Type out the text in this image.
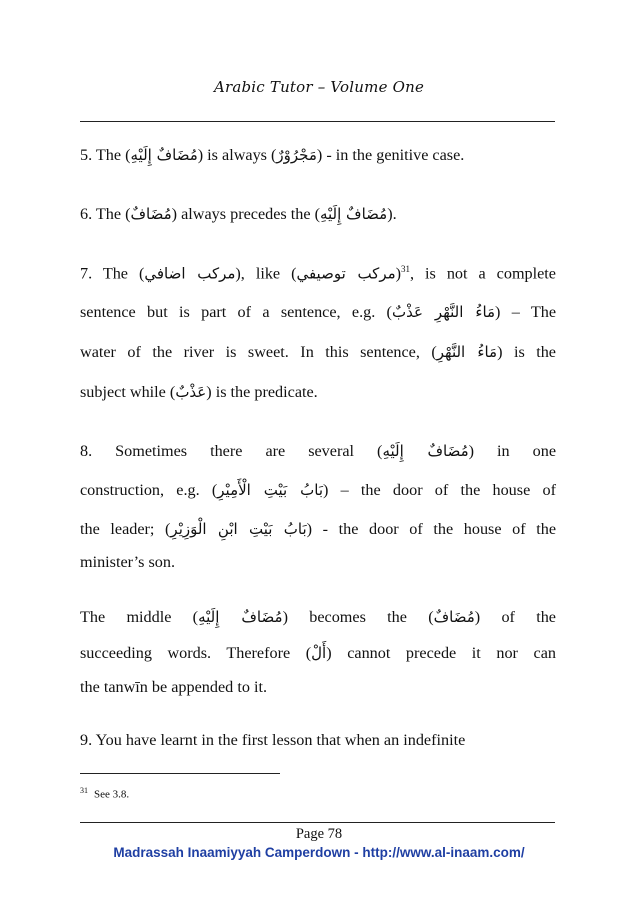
Arabic Tutor – Volume One
5. The (مُضَافٌ إِلَيْهِ) is always (مَجْرُوْرٌ) - in the genitive case.
6. The (مُضَافٌ) always precedes the (مُضَافٌ إِلَيْهِ).
7. The (مركب اضافي), like (مركب توصيفي)$^{31}$, is not a complete
sentence but is part of a sentence, e.g. (مَاءُ النَّهْرِ عَذْبٌ) – The
water of the river is sweet. In this sentence, (مَاءُ النَّهْرِ) is the
subject while (عَذْبٌ) is the predicate.
8. Sometimes there are several (مُضَافٌ إِلَيْهِ) in one
construction, e.g. (بَابُ بَيْتِ الْأَمِيْرِ) – the door of the house of
the leader; (بَابُ بَيْتِ ابْنِ الْوَزِيْرِ) - the door of the house of the
minister’s son.
The middle (مُضَافٌ إِلَيْهِ) becomes the (مُضَافٌ) of the
succeeding words. Therefore (أَلْ) cannot precede it nor can
the tanwīn be appended to it.
9. You have learnt in the first lesson that when an indefinite
$^{31}$ See 3.8.
Page 78
Madrassah Inaamiyyah Camperdown - http://www.al-inaam.com/
